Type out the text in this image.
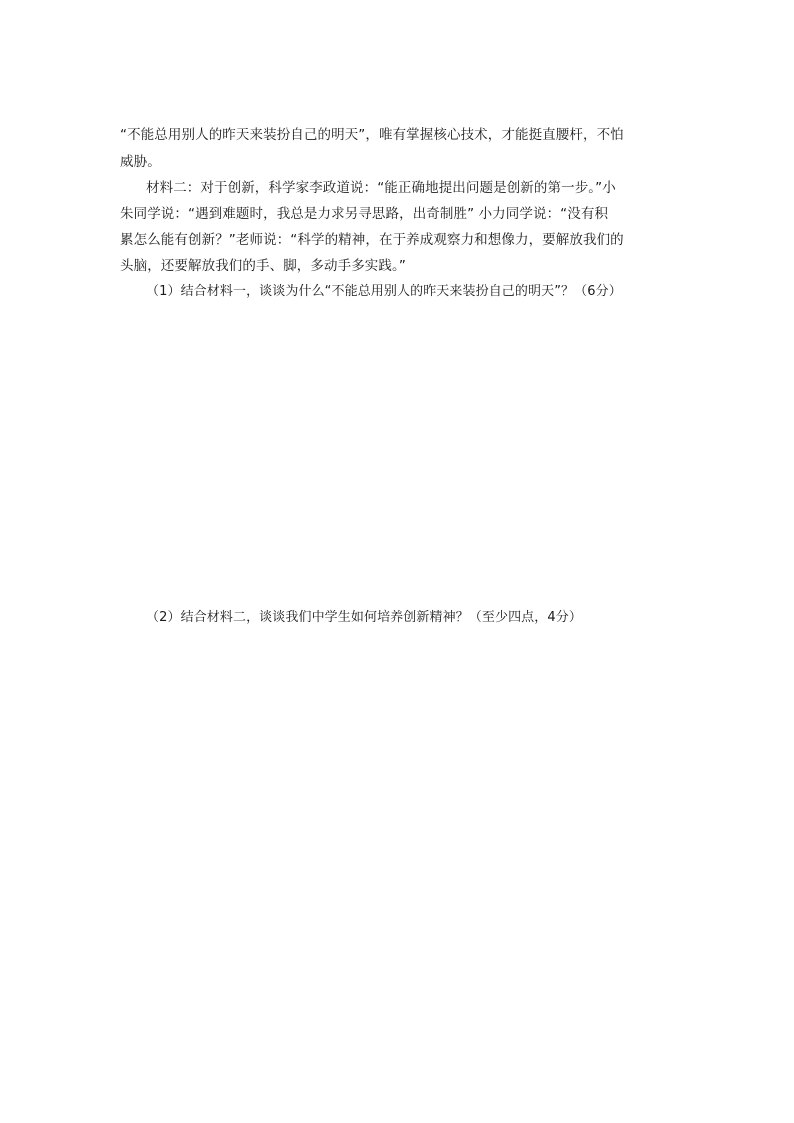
“不能总用别人的昨天来装扮自己的明天”，唯有掌握核心技术，才能挺直腰杆，不怕
威胁。
材料二：对于创新，科学家李政道说：“能正确地提出问题是创新的第一步。”小
朱同学说：“遇到难题时，我总是力求另寻思路，出奇制胜” 小力同学说：“没有积
累怎么能有创新？”老师说：“科学的精神，在于养成观察力和想像力，要解放我们的
头脑，还要解放我们的手、脚，多动手多实践。”
（1）结合材料一，谈谈为什么“不能总用别人的昨天来装扮自己的明天”？（6分）
（2）结合材料二，谈谈我们中学生如何培养创新精神？（至少四点，4分）
